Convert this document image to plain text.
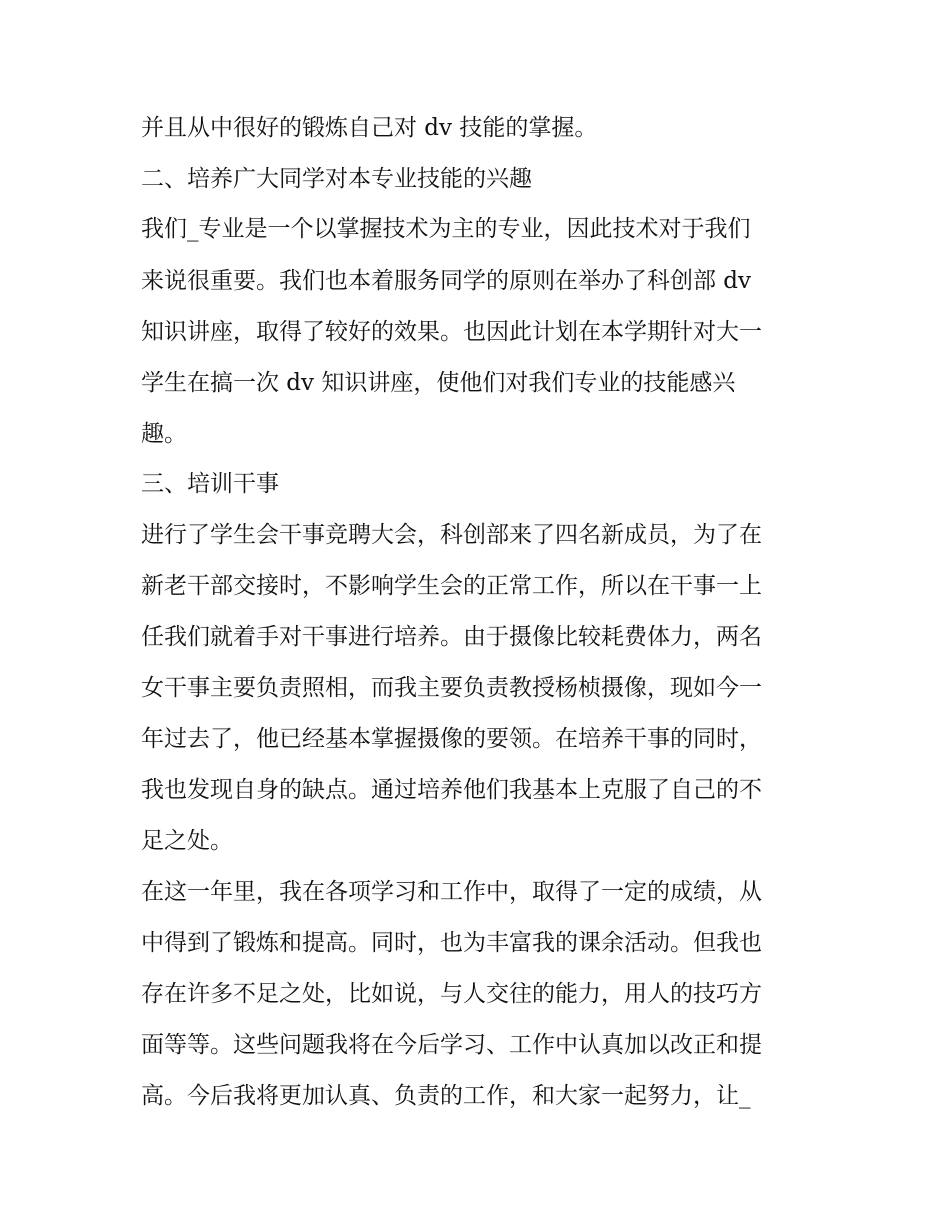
并且从中很好的锻炼自己对 dv 技能的掌握。

二、培养广大同学对本专业技能的兴趣

我们_专业是一个以掌握技术为主的专业，因此技术对于我们

来说很重要。我们也本着服务同学的原则在举办了科创部 dv

知识讲座，取得了较好的效果。也因此计划在本学期针对大一

学生在搞一次 dv 知识讲座，使他们对我们专业的技能感兴

趣。

三、培训干事

进行了学生会干事竞聘大会，科创部来了四名新成员，为了在

新老干部交接时，不影响学生会的正常工作，所以在干事一上

任我们就着手对干事进行培养。由于摄像比较耗费体力，两名

女干事主要负责照相，而我主要负责教授杨桢摄像，现如今一

年过去了，他已经基本掌握摄像的要领。在培养干事的同时，

我也发现自身的缺点。通过培养他们我基本上克服了自己的不

足之处。

在这一年里，我在各项学习和工作中，取得了一定的成绩，从

中得到了锻炼和提高。同时，也为丰富我的课余活动。但我也

存在许多不足之处，比如说，与人交往的能力，用人的技巧方

面等等。这些问题我将在今后学习、工作中认真加以改正和提

高。今后我将更加认真、负责的工作，和大家一起努力，让_
